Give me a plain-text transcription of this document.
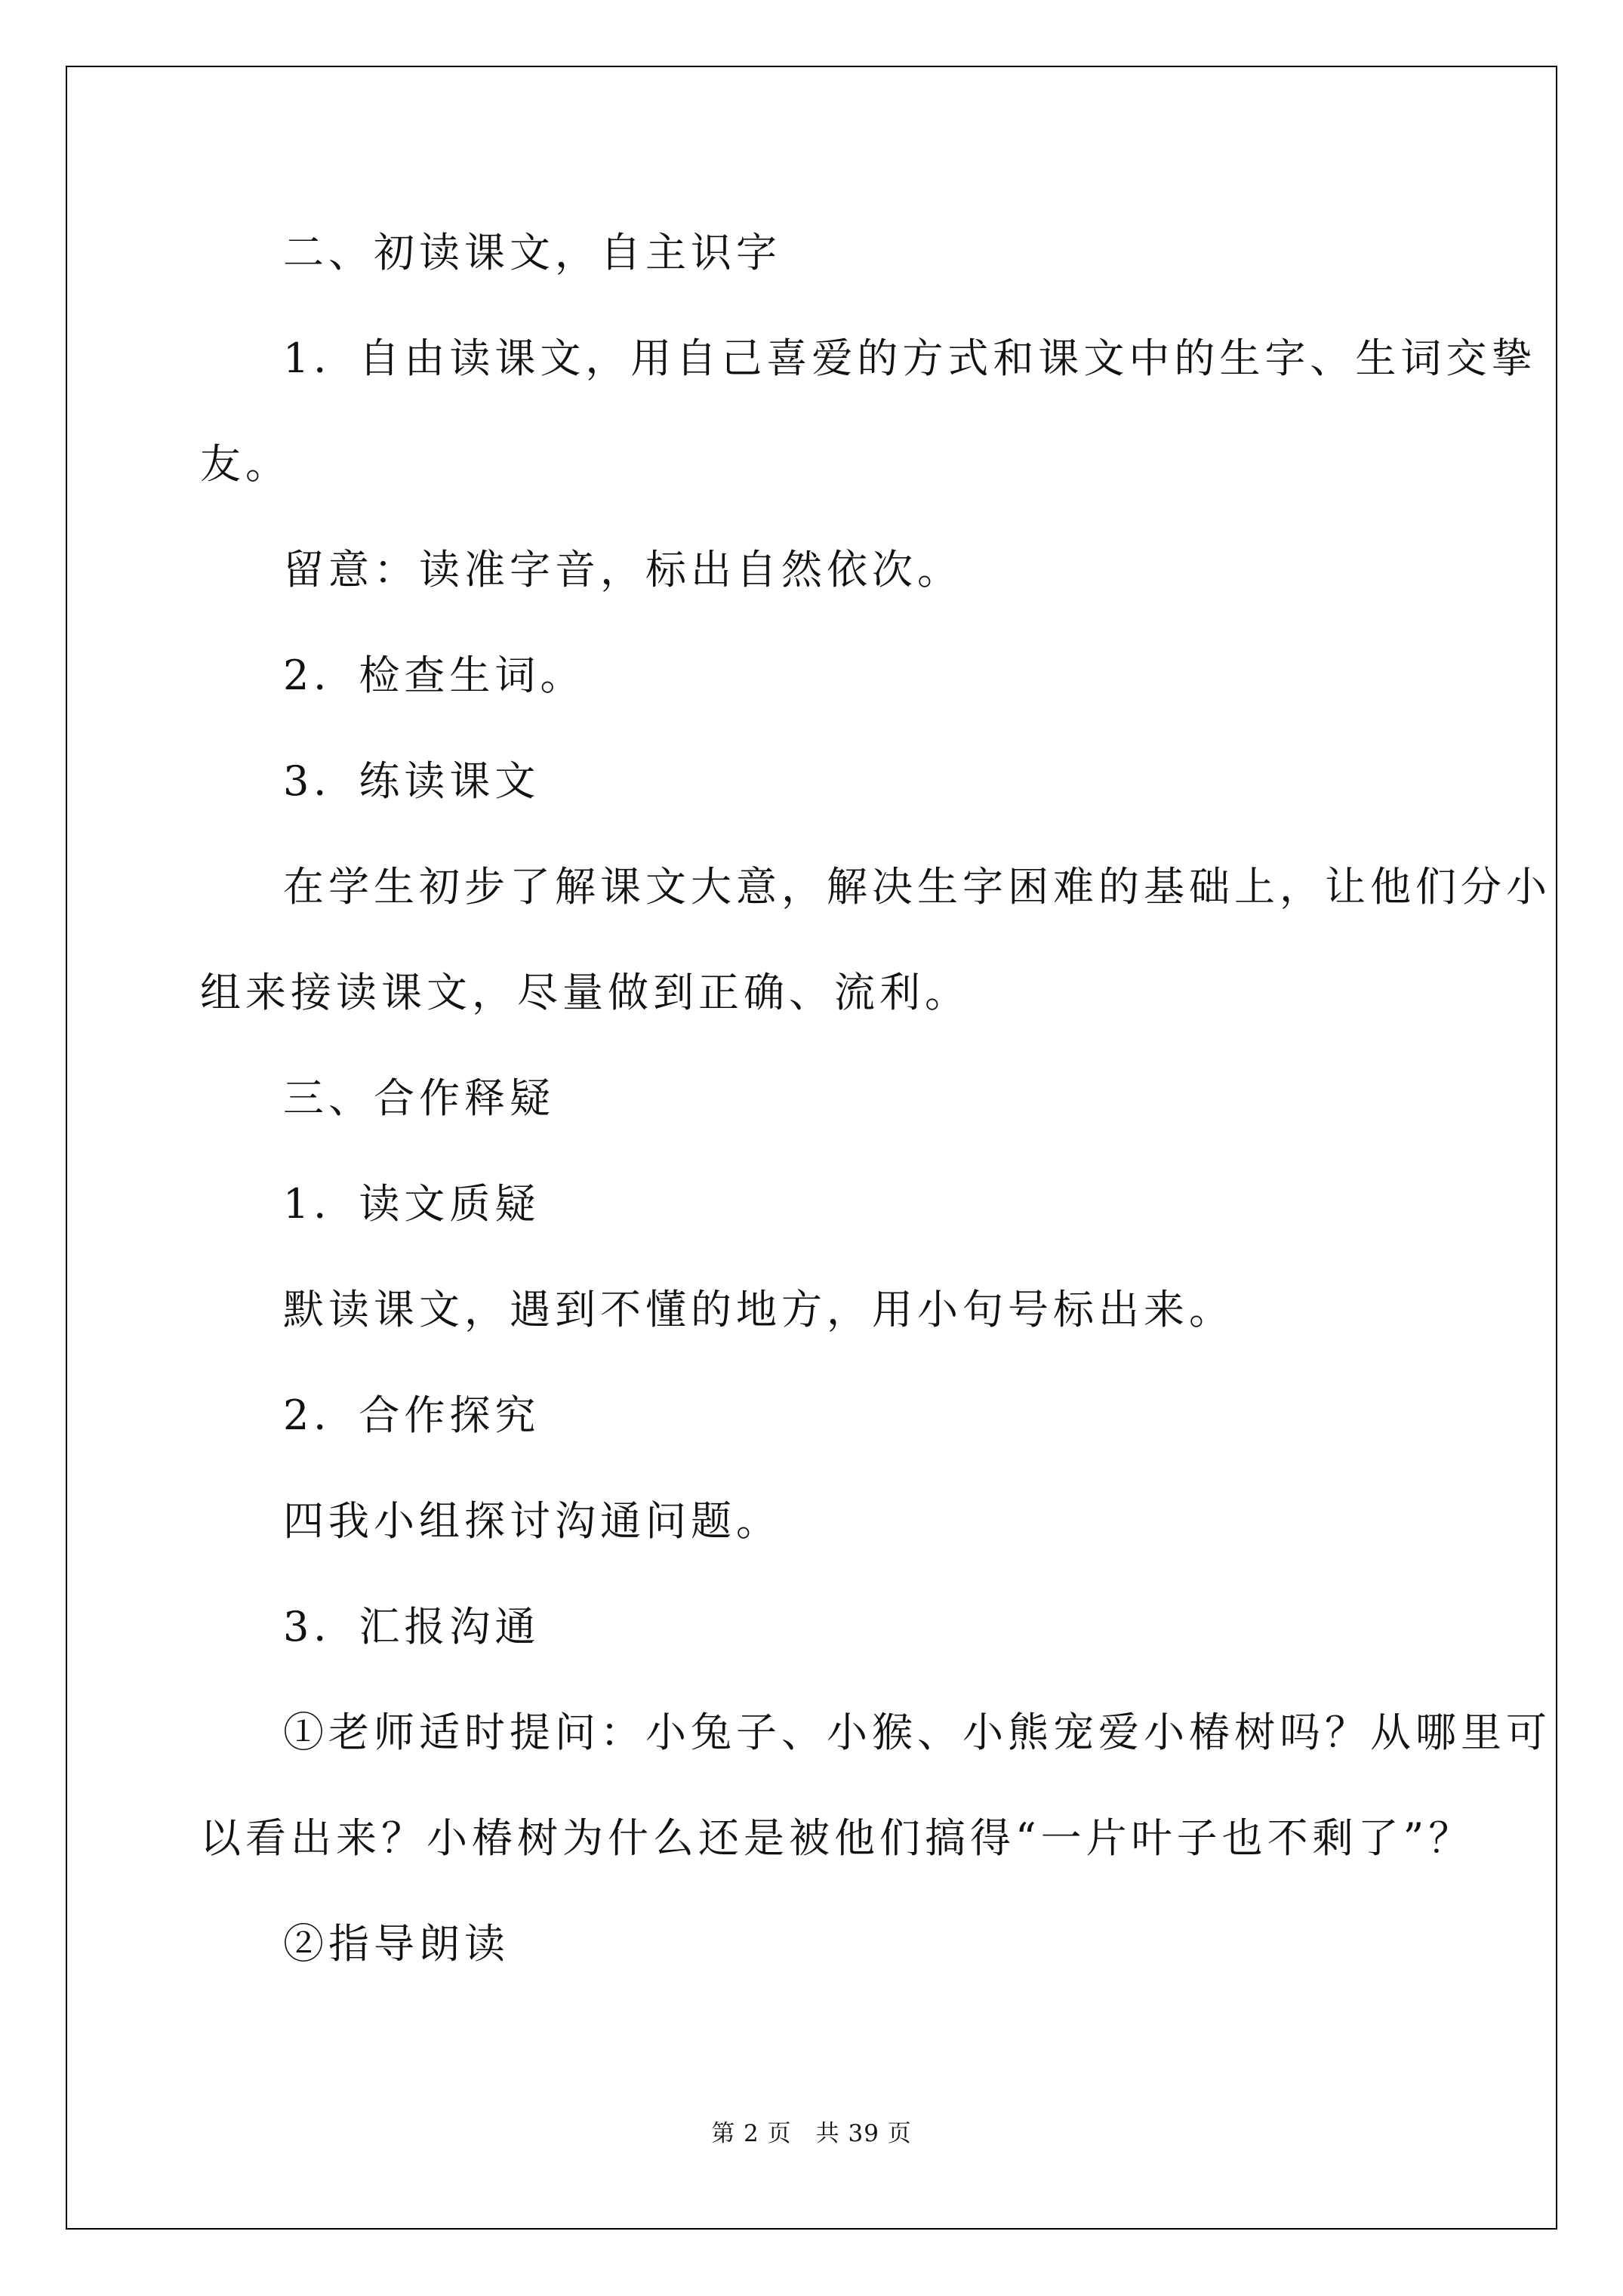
二、初读课文，自主识字
1．自由读课文，用自己喜爱的方式和课文中的生字、生词交挚
友。
留意：读准字音，标出自然依次。
2．检查生词。
3．练读课文
在学生初步了解课文大意，解决生字困难的基础上，让他们分小
组来接读课文，尽量做到正确、流利。
三、合作释疑
1．读文质疑
默读课文，遇到不懂的地方，用小句号标出来。
2．合作探究
四我小组探讨沟通问题。
3．汇报沟通
①老师适时提问：小兔子、小猴、小熊宠爱小椿树吗？从哪里可
以看出来？小椿树为什么还是被他们搞得“一片叶子也不剩了”？
②指导朗读
第 2 页　共 39 页
